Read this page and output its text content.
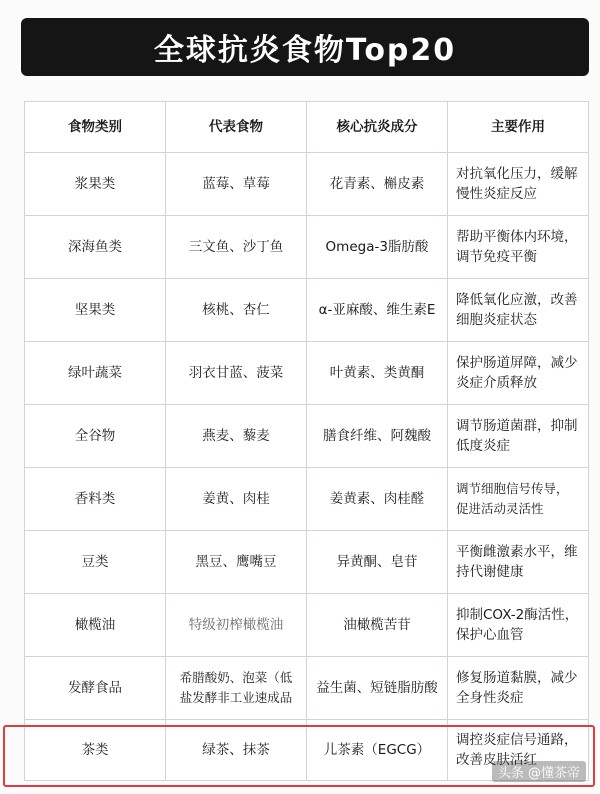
全球抗炎食物Top20
食物类别	代表食物	核心抗炎成分	主要作用
浆果类	蓝莓、草莓	花青素、槲皮素	对抗氧化压力，缓解慢性炎症反应
深海鱼类	三文鱼、沙丁鱼	Omega-3脂肪酸	帮助平衡体内环境，调节免疫平衡
坚果类	核桃、杏仁	α-亚麻酸、维生素E	降低氧化应激，改善细胞炎症状态
绿叶蔬菜	羽衣甘蓝、菠菜	叶黄素、类黄酮	保护肠道屏障，减少炎症介质释放
全谷物	燕麦、藜麦	膳食纤维、阿魏酸	调节肠道菌群，抑制低度炎症
香料类	姜黄、肉桂	姜黄素、肉桂醛	调节细胞信号传导，促进活动灵活性
豆类	黑豆、鹰嘴豆	异黄酮、皂苷	平衡雌激素水平，维持代谢健康
橄榄油	特级初榨橄榄油	油橄榄苦苷	抑制COX-2酶活性，保护心血管
发酵食品	希腊酸奶、泡菜（低盐发酵非工业速成品	益生菌、短链脂肪酸	修复肠道黏膜，减少全身性炎症
茶类	绿茶、抹茶	儿茶素（EGCG）	调控炎症信号通路，改善皮肤活红
头条 @懂茶帝
